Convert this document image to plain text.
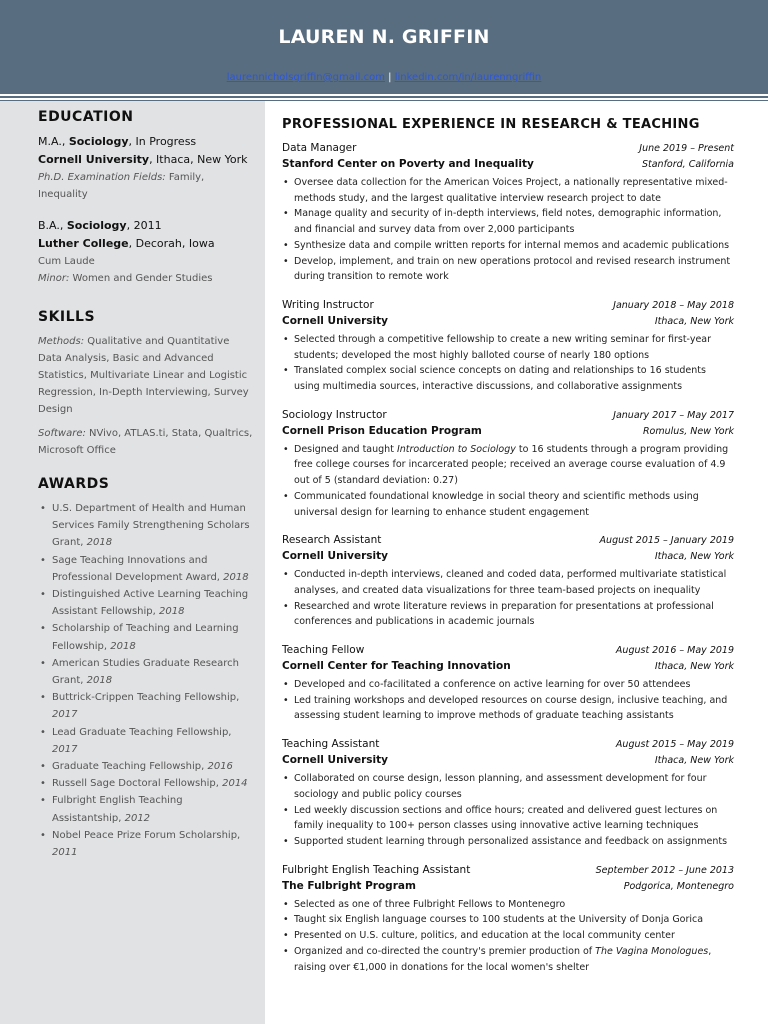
LAUREN N. GRIFFIN
laurennicholsgriffin@gmail.com | linkedin.com/in/laurenngriffin
EDUCATION
M.A., Sociology, In Progress
Cornell University, Ithaca, New York
Ph.D. Examination Fields: Family, Inequality
B.A., Sociology, 2011
Luther College, Decorah, Iowa
Cum Laude
Minor: Women and Gender Studies
SKILLS
Methods: Qualitative and Quantitative Data Analysis, Basic and Advanced Statistics, Multivariate Linear and Logistic Regression, In-Depth Interviewing, Survey Design
Software: NVivo, ATLAS.ti, Stata, Qualtrics, Microsoft Office
AWARDS
• U.S. Department of Health and Human Services Family Strengthening Scholars Grant, 2018
• Sage Teaching Innovations and Professional Development Award, 2018
• Distinguished Active Learning Teaching Assistant Fellowship, 2018
• Scholarship of Teaching and Learning Fellowship, 2018
• American Studies Graduate Research Grant, 2018
• Buttrick-Crippen Teaching Fellowship, 2017
• Lead Graduate Teaching Fellowship, 2017
• Graduate Teaching Fellowship, 2016
• Russell Sage Doctoral Fellowship, 2014
• Fulbright English Teaching Assistantship, 2012
• Nobel Peace Prize Forum Scholarship, 2011
PROFESSIONAL EXPERIENCE IN RESEARCH & TEACHING
Data Manager	June 2019 – Present
Stanford Center on Poverty and Inequality	Stanford, California
• Oversee data collection for the American Voices Project, a nationally representative mixed-methods study, and the largest qualitative interview research project to date
• Manage quality and security of in-depth interviews, field notes, demographic information, and financial and survey data from over 2,000 participants
• Synthesize data and compile written reports for internal memos and academic publications
• Develop, implement, and train on new operations protocol and revised research instrument during transition to remote work
Writing Instructor	January 2018 – May 2018
Cornell University	Ithaca, New York
• Selected through a competitive fellowship to create a new writing seminar for first-year students; developed the most highly balloted course of nearly 180 options
• Translated complex social science concepts on dating and relationships to 16 students using multimedia sources, interactive discussions, and collaborative assignments
Sociology Instructor	January 2017 – May 2017
Cornell Prison Education Program	Romulus, New York
• Designed and taught Introduction to Sociology to 16 students through a program providing free college courses for incarcerated people; received an average course evaluation of 4.9 out of 5 (standard deviation: 0.27)
• Communicated foundational knowledge in social theory and scientific methods using universal design for learning to enhance student engagement
Research Assistant	August 2015 – January 2019
Cornell University	Ithaca, New York
• Conducted in-depth interviews, cleaned and coded data, performed multivariate statistical analyses, and created data visualizations for three team-based projects on inequality
• Researched and wrote literature reviews in preparation for presentations at professional conferences and publications in academic journals
Teaching Fellow	August 2016 – May 2019
Cornell Center for Teaching Innovation	Ithaca, New York
• Developed and co-facilitated a conference on active learning for over 50 attendees
• Led training workshops and developed resources on course design, inclusive teaching, and assessing student learning to improve methods of graduate teaching assistants
Teaching Assistant	August 2015 – May 2019
Cornell University	Ithaca, New York
• Collaborated on course design, lesson planning, and assessment development for four sociology and public policy courses
• Led weekly discussion sections and office hours; created and delivered guest lectures on family inequality to 100+ person classes using innovative active learning techniques
• Supported student learning through personalized assistance and feedback on assignments
Fulbright English Teaching Assistant	September 2012 – June 2013
The Fulbright Program	Podgorica, Montenegro
• Selected as one of three Fulbright Fellows to Montenegro
• Taught six English language courses to 100 students at the University of Donja Gorica
• Presented on U.S. culture, politics, and education at the local community center
• Organized and co-directed the country's premier production of The Vagina Monologues, raising over €1,000 in donations for the local women's shelter
